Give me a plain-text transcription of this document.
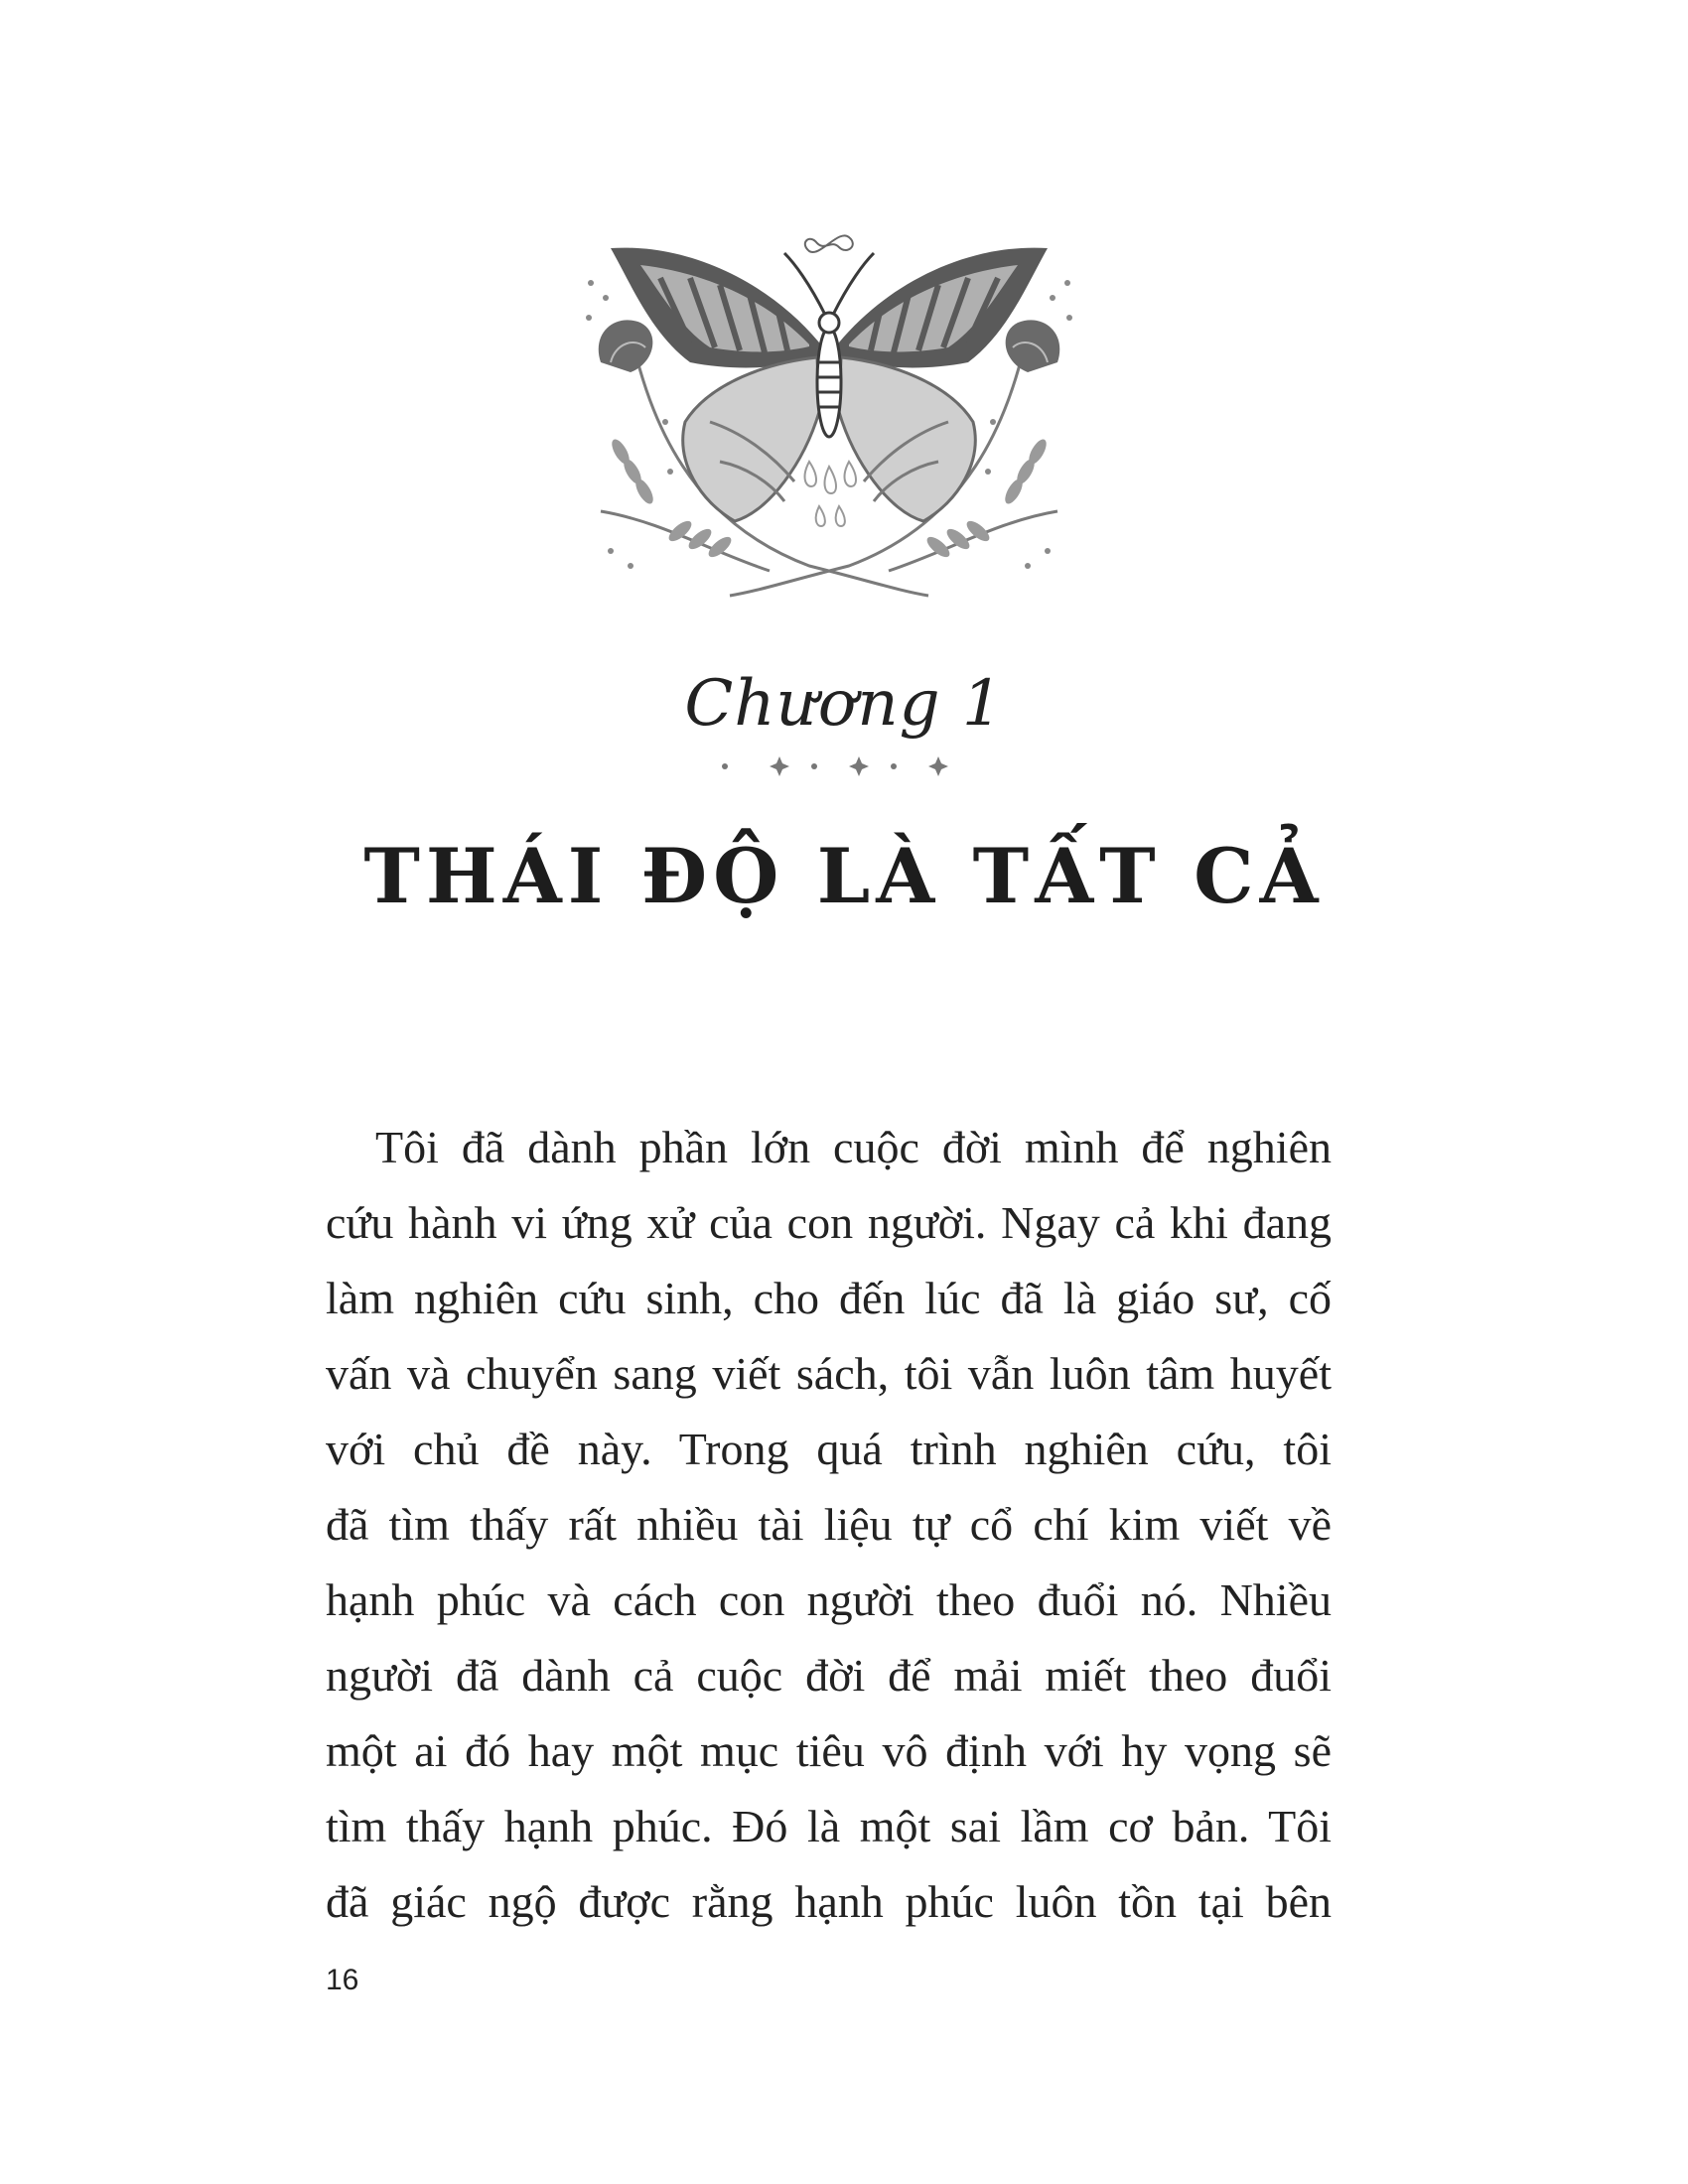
Chương 1
THÁI ĐỘ LÀ TẤT CẢ
Tôi đã dành phần lớn cuộc đời mình để nghiên
cứu hành vi ứng xử của con người. Ngay cả khi đang
làm nghiên cứu sinh, cho đến lúc đã là giáo sư, cố
vấn và chuyển sang viết sách, tôi vẫn luôn tâm huyết
với chủ đề này. Trong quá trình nghiên cứu, tôi
đã tìm thấy rất nhiều tài liệu tự cổ chí kim viết về
hạnh phúc và cách con người theo đuổi nó. Nhiều
người đã dành cả cuộc đời để mải miết theo đuổi
một ai đó hay một mục tiêu vô định với hy vọng sẽ
tìm thấy hạnh phúc. Đó là một sai lầm cơ bản. Tôi
đã giác ngộ được rằng hạnh phúc luôn tồn tại bên
16
